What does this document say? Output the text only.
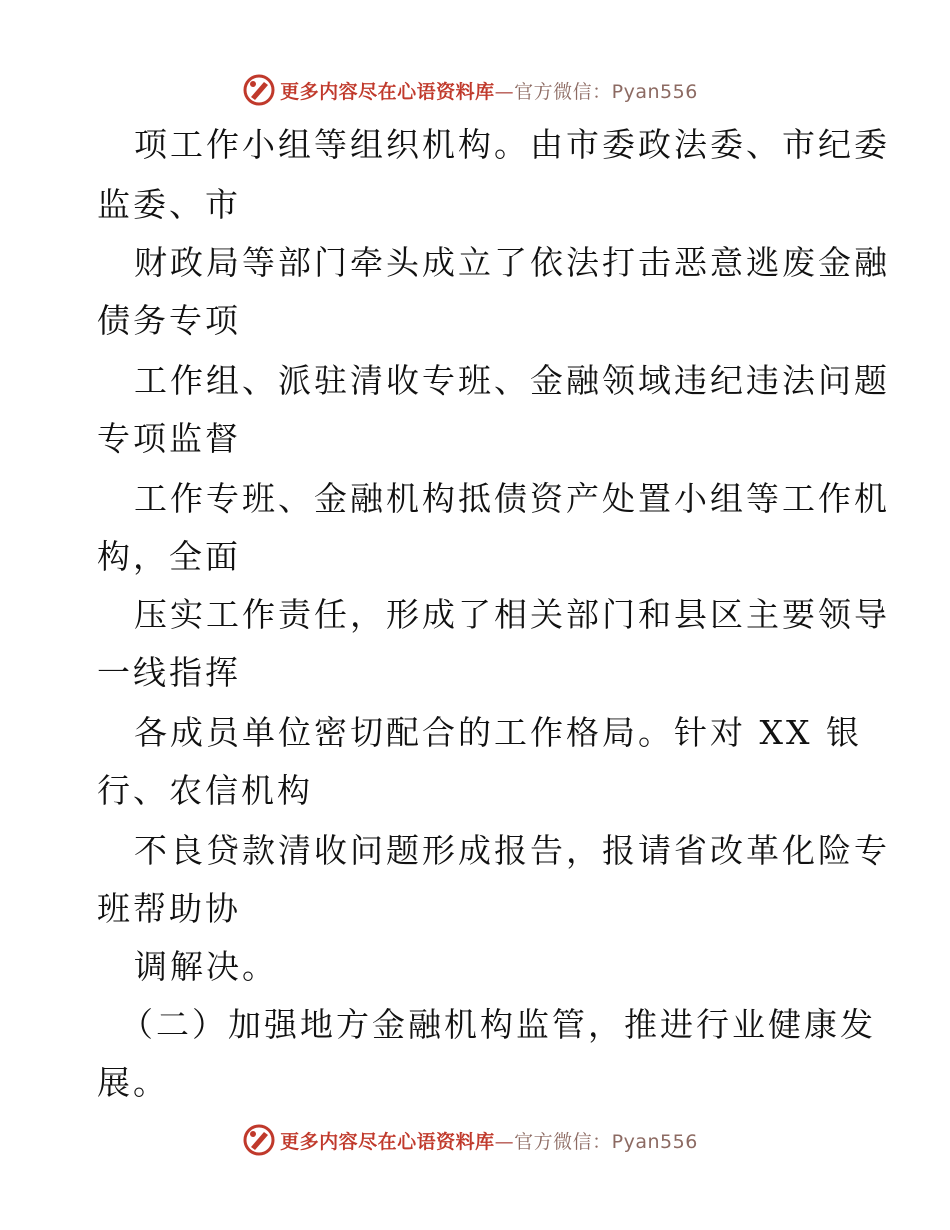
更多内容尽在心语资料库—官方微信：Pyan556
项工作小组等组织机构。由市委政法委、市纪委
监委、市
财政局等部门牵头成立了依法打击恶意逃废金融
债务专项
工作组、派驻清收专班、金融领域违纪违法问题
专项监督
工作专班、金融机构抵债资产处置小组等工作机
构，全面
压实工作责任，形成了相关部门和县区主要领导
一线指挥
各成员单位密切配合的工作格局。针对 XX 银
行、农信机构
不良贷款清收问题形成报告，报请省改革化险专
班帮助协
调解决。
（二）加强地方金融机构监管，推进行业健康发
展。
更多内容尽在心语资料库—官方微信：Pyan556
